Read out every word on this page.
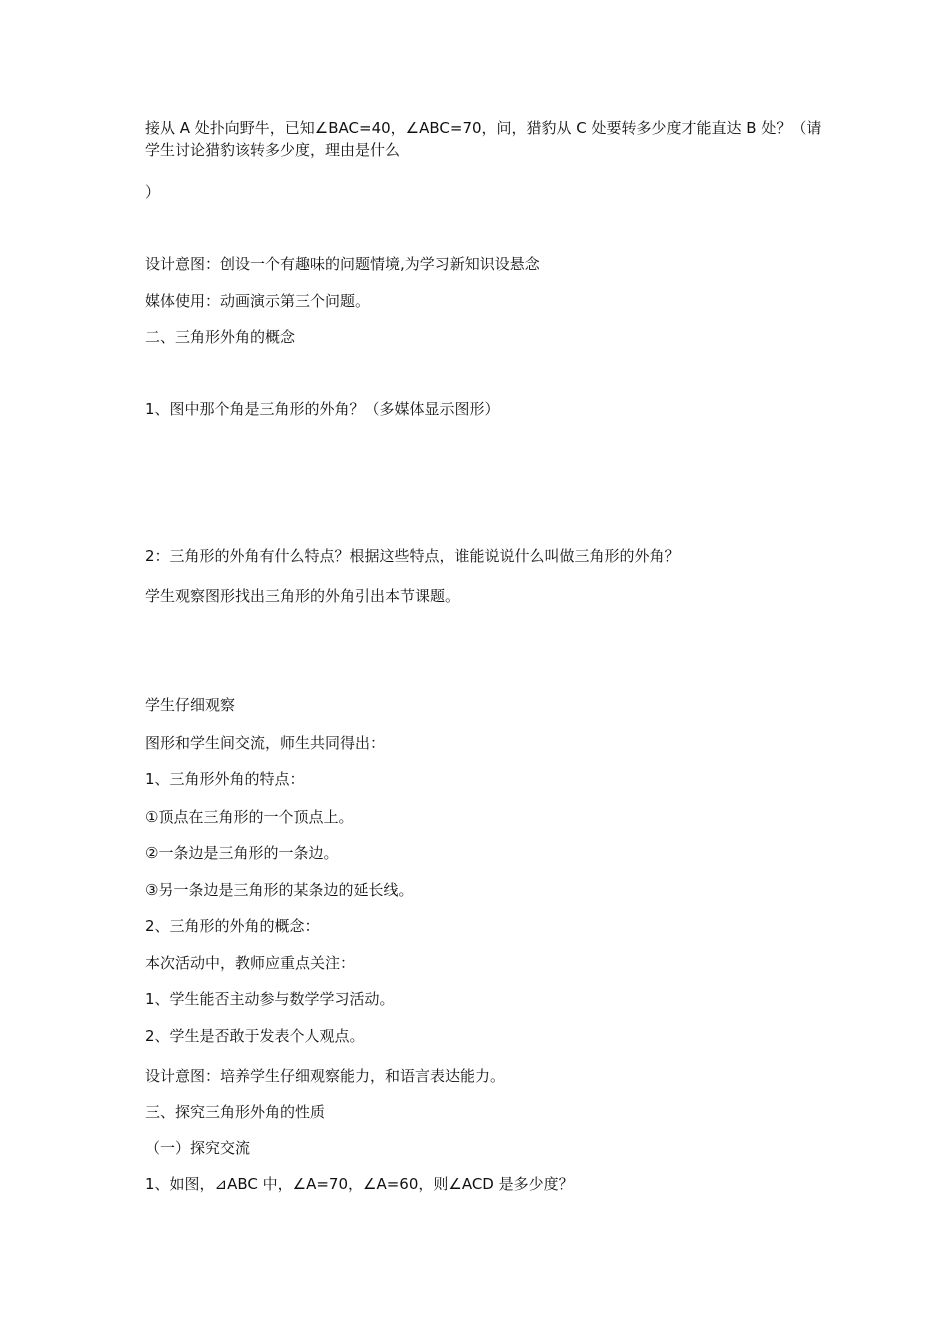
接从 A 处扑向野牛，已知∠BAC=40，∠ABC=70，问，猎豹从 C 处要转多少度才能直达 B 处？（请学生讨论猎豹该转多少度，理由是什么
）
设计意图：创设一个有趣味的问题情境,为学习新知识设悬念
媒体使用：动画演示第三个问题。
二、三角形外角的概念
1、图中那个角是三角形的外角？（多媒体显示图形）
2：三角形的外角有什么特点？根据这些特点，谁能说说什么叫做三角形的外角？
学生观察图形找出三角形的外角引出本节课题。
学生仔细观察
图形和学生间交流，师生共同得出：
1、三角形外角的特点：
①顶点在三角形的一个顶点上。
②一条边是三角形的一条边。
③另一条边是三角形的某条边的延长线。
2、三角形的外角的概念：
本次活动中，教师应重点关注：
1、学生能否主动参与数学学习活动。
2、学生是否敢于发表个人观点。
设计意图：培养学生仔细观察能力，和语言表达能力。
三、探究三角形外角的性质
（一）探究交流
1、如图，⊿ABC 中，∠A=70，∠A=60，则∠ACD 是多少度？
